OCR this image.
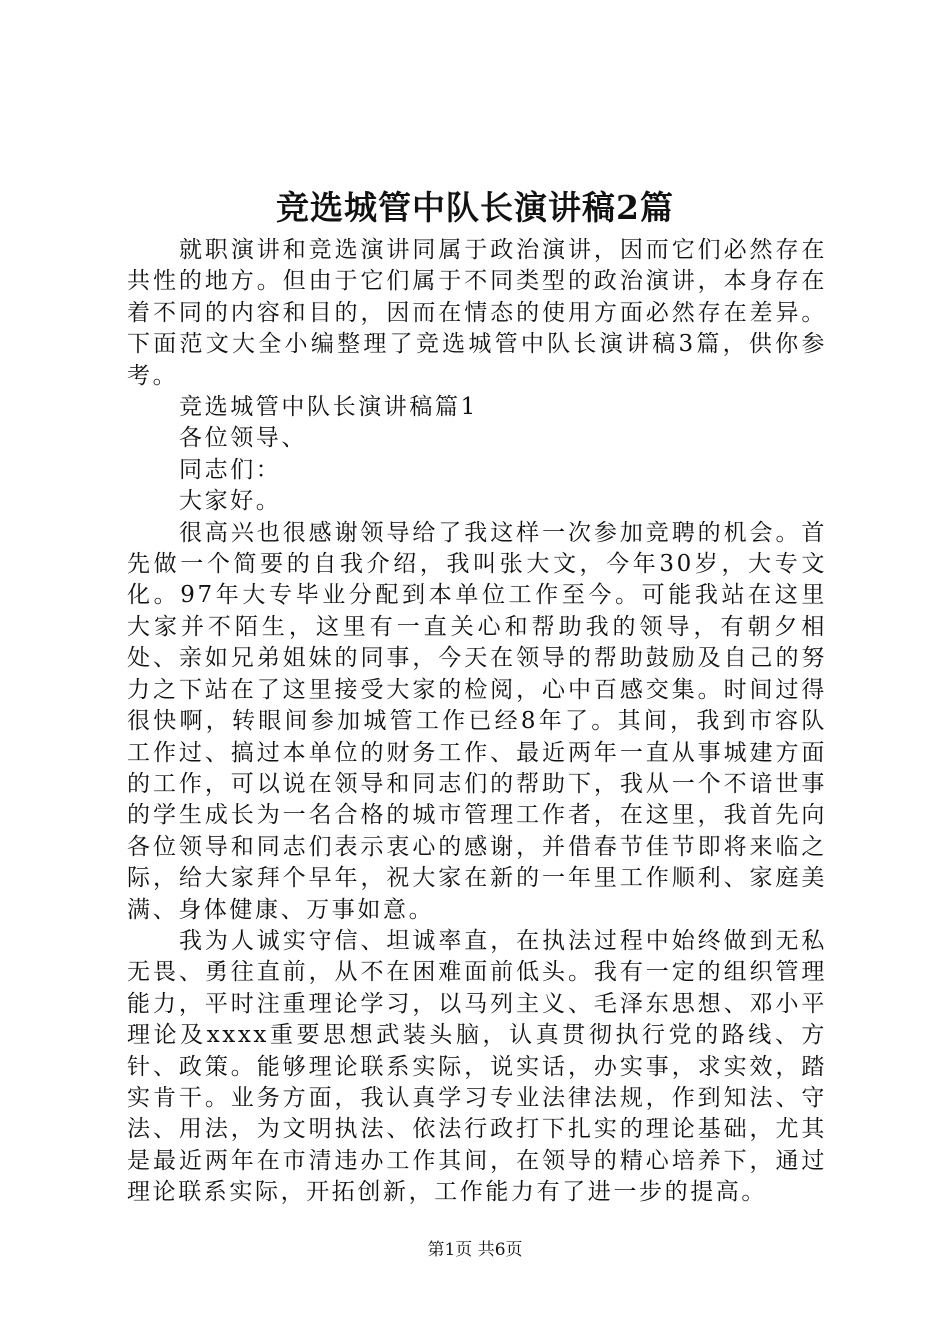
竞选城管中队长演讲稿2篇

就职演讲和竞选演讲同属于政治演讲，因而它们必然存在共性的地方。但由于它们属于不同类型的政治演讲，本身存在着不同的内容和目的，因而在情态的使用方面必然存在差异。下面范文大全小编整理了竞选城管中队长演讲稿3篇，供你参考。

竞选城管中队长演讲稿篇1

各位领导、

同志们：

大家好。

很高兴也很感谢领导给了我这样一次参加竞聘的机会。首先做一个简要的自我介绍，我叫张大文，今年30岁，大专文化。97年大专毕业分配到本单位工作至今。可能我站在这里大家并不陌生，这里有一直关心和帮助我的领导，有朝夕相处、亲如兄弟姐妹的同事，今天在领导的帮助鼓励及自己的努力之下站在了这里接受大家的检阅，心中百感交集。时间过得很快啊，转眼间参加城管工作已经8年了。其间，我到市容队工作过、搞过本单位的财务工作、最近两年一直从事城建方面的工作，可以说在领导和同志们的帮助下，我从一个不谙世事的学生成长为一名合格的城市管理工作者，在这里，我首先向各位领导和同志们表示衷心的感谢，并借春节佳节即将来临之际，给大家拜个早年，祝大家在新的一年里工作顺利、家庭美满、身体健康、万事如意。

我为人诚实守信、坦诚率直，在执法过程中始终做到无私无畏、勇往直前，从不在困难面前低头。我有一定的组织管理能力，平时注重理论学习，以马列主义、毛泽东思想、邓小平理论及xxxx重要思想武装头脑，认真贯彻执行党的路线、方针、政策。能够理论联系实际，说实话，办实事，求实效，踏实肯干。业务方面，我认真学习专业法律法规，作到知法、守法、用法，为文明执法、依法行政打下扎实的理论基础，尤其是最近两年在市清违办工作其间，在领导的精心培养下，通过理论联系实际，开拓创新，工作能力有了进一步的提高。

第1页 共6页
